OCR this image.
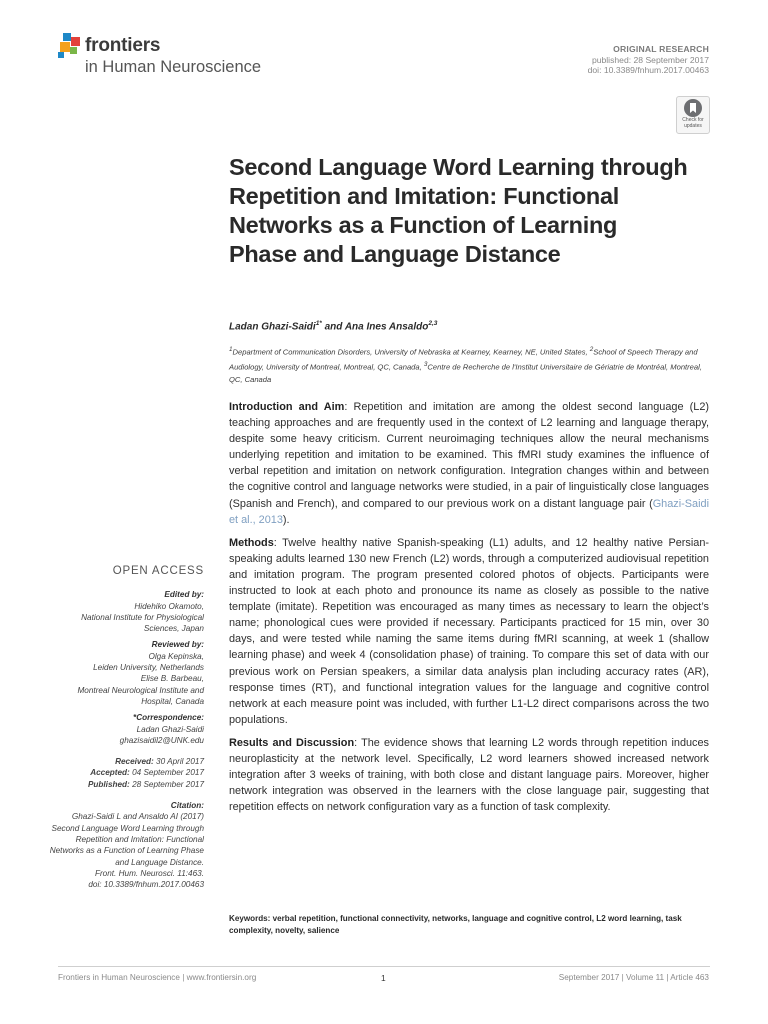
frontiers
in Human Neuroscience
ORIGINAL RESEARCH
published: 28 September 2017
doi: 10.3389/fnhum.2017.00463
Check for updates
Second Language Word Learning through Repetition and Imitation: Functional Networks as a Function of Learning Phase and Language Distance
Ladan Ghazi-Saidi$^{1*}$ and Ana Ines Ansaldo$^{2,3}$
$^1$Department of Communication Disorders, University of Nebraska at Kearney, Kearney, NE, United States, $^2$School of Speech Therapy and Audiology, University of Montreal, Montreal, QC, Canada, $^3$Centre de Recherche de l'Institut Universitaire de Gériatrie de Montréal, Montreal, QC, Canada

Introduction and Aim: Repetition and imitation are among the oldest second language (L2) teaching approaches and are frequently used in the context of L2 learning and language therapy, despite some heavy criticism. Current neuroimaging techniques allow the neural mechanisms underlying repetition and imitation to be examined. This fMRI study examines the influence of verbal repetition and imitation on network configuration. Integration changes within and between the cognitive control and language networks were studied, in a pair of linguistically close languages (Spanish and French), and compared to our previous work on a distant language pair (Ghazi-Saidi et al., 2013).

Methods: Twelve healthy native Spanish-speaking (L1) adults, and 12 healthy native Persian-speaking adults learned 130 new French (L2) words, through a computerized audiovisual repetition and imitation program. The program presented colored photos of objects. Participants were instructed to look at each photo and pronounce its name as closely as possible to the native template (imitate). Repetition was encouraged as many times as necessary to learn the object’s name; phonological cues were provided if necessary. Participants practiced for 15 min, over 30 days, and were tested while naming the same items during fMRI scanning, at week 1 (shallow learning phase) and week 4 (consolidation phase) of training. To compare this set of data with our previous work on Persian speakers, a similar data analysis plan including accuracy rates (AR), response times (RT), and functional integration values for the language and cognitive control network at each measure point was included, with further L1-L2 direct comparisons across the two populations.

Results and Discussion: The evidence shows that learning L2 words through repetition induces neuroplasticity at the network level. Specifically, L2 word learners showed increased network integration after 3 weeks of training, with both close and distant language pairs. Moreover, higher network integration was observed in the learners with the close language pair, suggesting that repetition effects on network configuration vary as a function of task complexity.

Keywords: verbal repetition, functional connectivity, networks, language and cognitive control, L2 word learning, task complexity, novelty, salience
OPEN ACCESS
Edited by:
Hidehiko Okamoto,
National Institute for Physiological Sciences, Japan
Reviewed by:
Olga Kepinska,
Leiden University, Netherlands
Elise B. Barbeau,
Montreal Neurological Institute and Hospital, Canada
*Correspondence:
Ladan Ghazi-Saidi
ghazisaidil2@UNK.edu
Received: 30 April 2017
Accepted: 04 September 2017
Published: 28 September 2017
Citation:
Ghazi-Saidi L and Ansaldo AI (2017) Second Language Word Learning through Repetition and Imitation: Functional Networks as a Function of Learning Phase and Language Distance.
Front. Hum. Neurosci. 11:463.
doi: 10.3389/fnhum.2017.00463
Frontiers in Human Neuroscience | www.frontiersin.org	1	September 2017 | Volume 11 | Article 463
